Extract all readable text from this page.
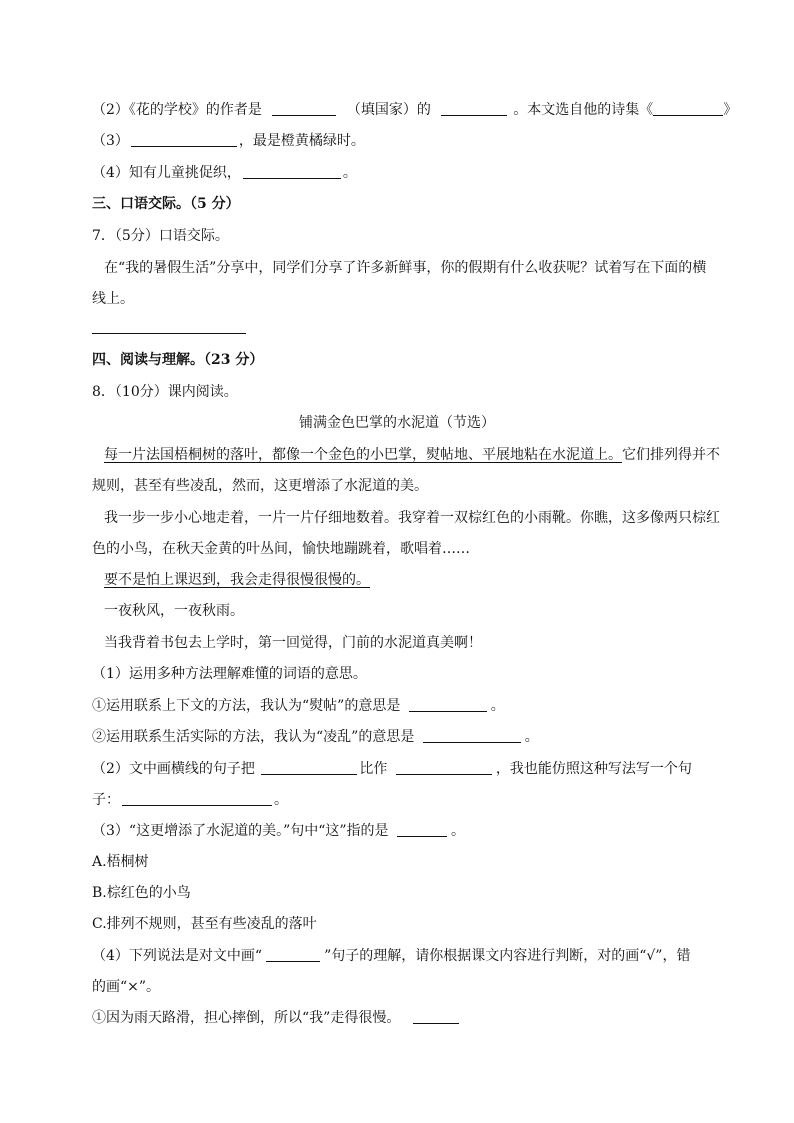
（2）《花的学校》的作者是	（填国家）的	。本文选自他的诗集《	》
（3）	，最是橙黄橘绿时。
（4）知有儿童挑促织，	。
三、口语交际。（5 分）
7．（5分）口语交际。
在“我的暑假生活”分享中，同学们分享了许多新鲜事，你的假期有什么收获呢？试着写在下面的横
线上。
四、阅读与理解。（23 分）
8．（10分）课内阅读。
铺满金色巴掌的水泥道（节选）
每一片法国梧桐树的落叶，都像一个金色的小巴掌，熨帖地、平展地粘在水泥道上。它们排列得并不
规则，甚至有些凌乱，然而，这更增添了水泥道的美。
我一步一步小心地走着，一片一片仔细地数着。我穿着一双棕红色的小雨靴。你瞧，这多像两只棕红
色的小鸟，在秋天金黄的叶丛间，愉快地蹦跳着，歌唱着……
要不是怕上课迟到，我会走得很慢很慢的。
一夜秋风，一夜秋雨。
当我背着书包去上学时，第一回觉得，门前的水泥道真美啊！
（1）运用多种方法理解难懂的词语的意思。
①运用联系上下文的方法，我认为“熨帖”的意思是	。
②运用联系生活实际的方法，我认为“凌乱”的意思是	。
（2）文中画横线的句子把	比作	，我也能仿照这种写法写一个句
子：	。
（3）“这更增添了水泥道的美。”句中“这”指的是	。
A.梧桐树
B.棕红色的小鸟
C.排列不规则，甚至有些凌乱的落叶
（4）下列说法是对文中画“	”句子的理解，请你根据课文内容进行判断，对的画“√”，错
的画“×”。
①因为雨天路滑，担心摔倒，所以“我”走得很慢。
